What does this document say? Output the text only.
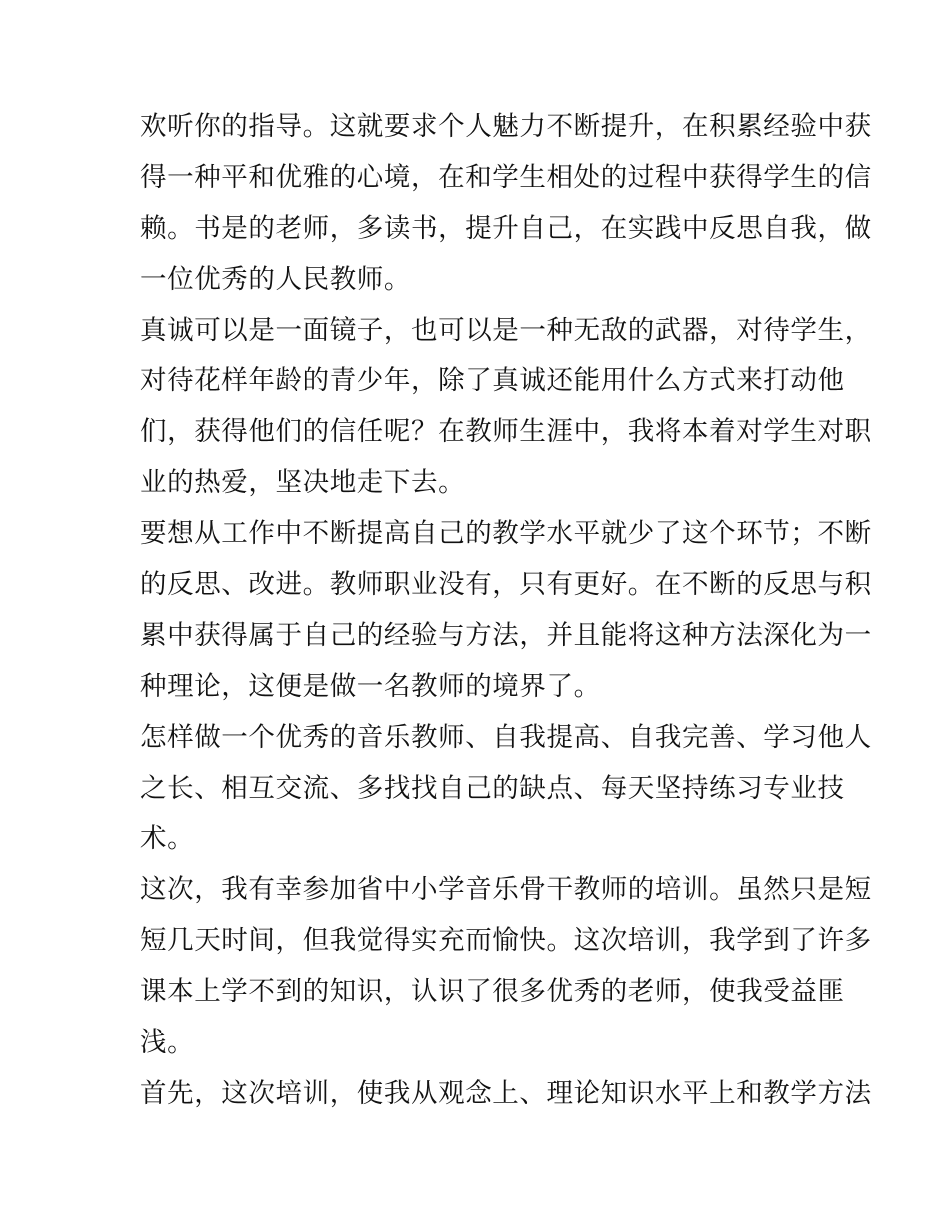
欢听你的指导。这就要求个人魅力不断提升，在积累经验中获
得一种平和优雅的心境，在和学生相处的过程中获得学生的信
赖。书是的老师，多读书，提升自己，在实践中反思自我，做
一位优秀的人民教师。
真诚可以是一面镜子，也可以是一种无敌的武器，对待学生，
对待花样年龄的青少年，除了真诚还能用什么方式来打动他
们，获得他们的信任呢？在教师生涯中，我将本着对学生对职
业的热爱，坚决地走下去。
要想从工作中不断提高自己的教学水平就少了这个环节；不断
的反思、改进。教师职业没有，只有更好。在不断的反思与积
累中获得属于自己的经验与方法，并且能将这种方法深化为一
种理论，这便是做一名教师的境界了。
怎样做一个优秀的音乐教师、自我提高、自我完善、学习他人
之长、相互交流、多找找自己的缺点、每天坚持练习专业技
术。
这次，我有幸参加省中小学音乐骨干教师的培训。虽然只是短
短几天时间，但我觉得实充而愉快。这次培训，我学到了许多
课本上学不到的知识，认识了很多优秀的老师，使我受益匪
浅。
首先，这次培训，使我从观念上、理论知识水平上和教学方法
